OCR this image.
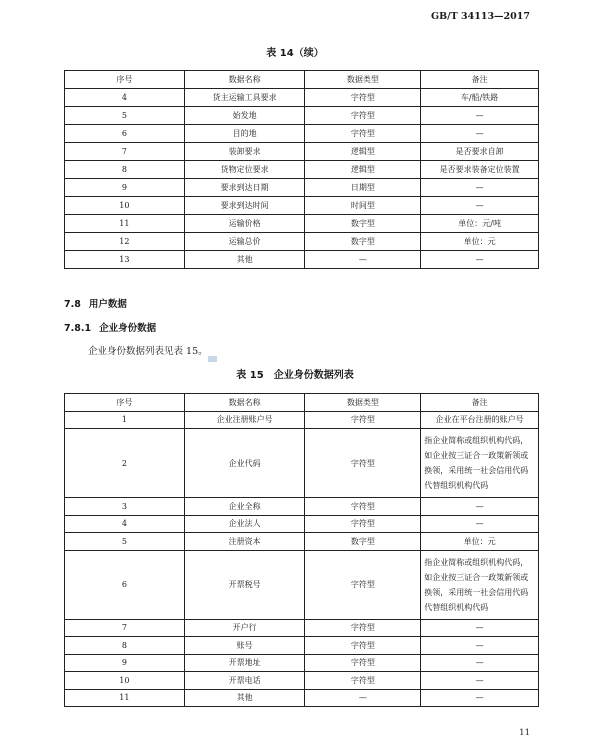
GB/T 34113—2017
表 14（续）
序号	数据名称	数据类型	备注
4	货主运输工具要求	字符型	车/船/铁路
5	始发地	字符型	—
6	目的地	字符型	—
7	装卸要求	逻辑型	是否要求自卸
8	货物定位要求	逻辑型	是否要求装备定位装置
9	要求到达日期	日期型	—
10	要求到达时间	时间型	—
11	运输价格	数字型	单位：元/吨
12	运输总价	数字型	单位：元
13	其他	—	—
7.8 用户数据
7.8.1 企业身份数据
企业身份数据列表见表 15。
表 15　企业身份数据列表
序号	数据名称	数据类型	备注
1	企业注册账户号	字符型	企业在平台注册的账户号
2	企业代码	字符型	指企业简称或组织机构代码，如企业按三证合一政策新领或换领，采用统一社会信用代码代替组织机构代码
3	企业全称	字符型	—
4	企业法人	字符型	—
5	注册资本	数字型	单位：元
6	开票税号	字符型	指企业简称或组织机构代码，如企业按三证合一政策新领或换领，采用统一社会信用代码代替组织机构代码
7	开户行	字符型	—
8	账号	字符型	—
9	开票地址	字符型	—
10	开票电话	字符型	—
11	其他	—	—
11
